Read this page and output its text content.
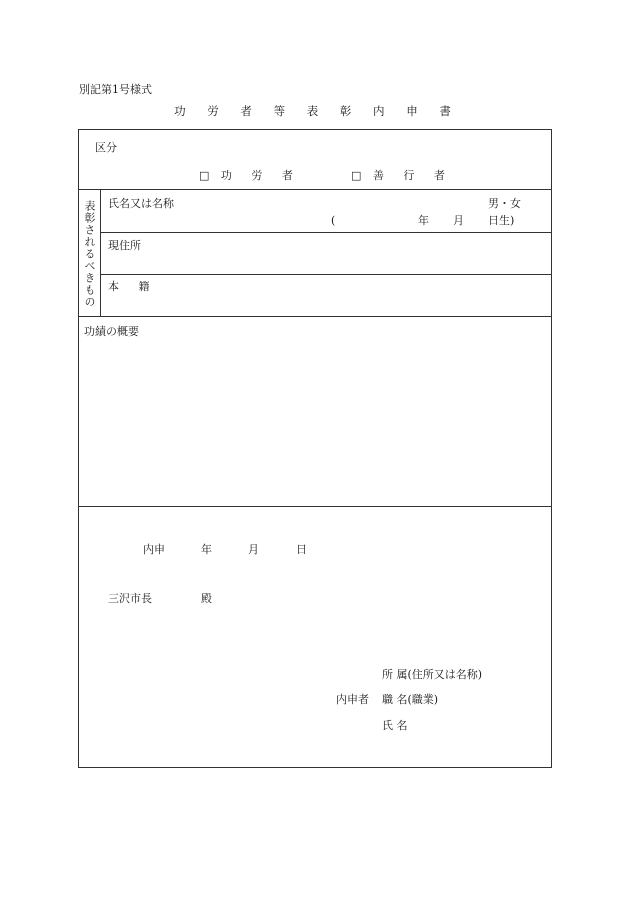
別記第1号様式
功 労 者 等 表 彰 内 申 書
区分
□ 功 労 者	□ 善 行 者
表彰されるべきもの 氏名又は名称	男・女
(	年 月 日生)
現住所
本 籍
功績の概要
内申	年	月	日
三沢市長	殿
所 属(住所又は名称)
内申者 職 名(職業)
氏 名
